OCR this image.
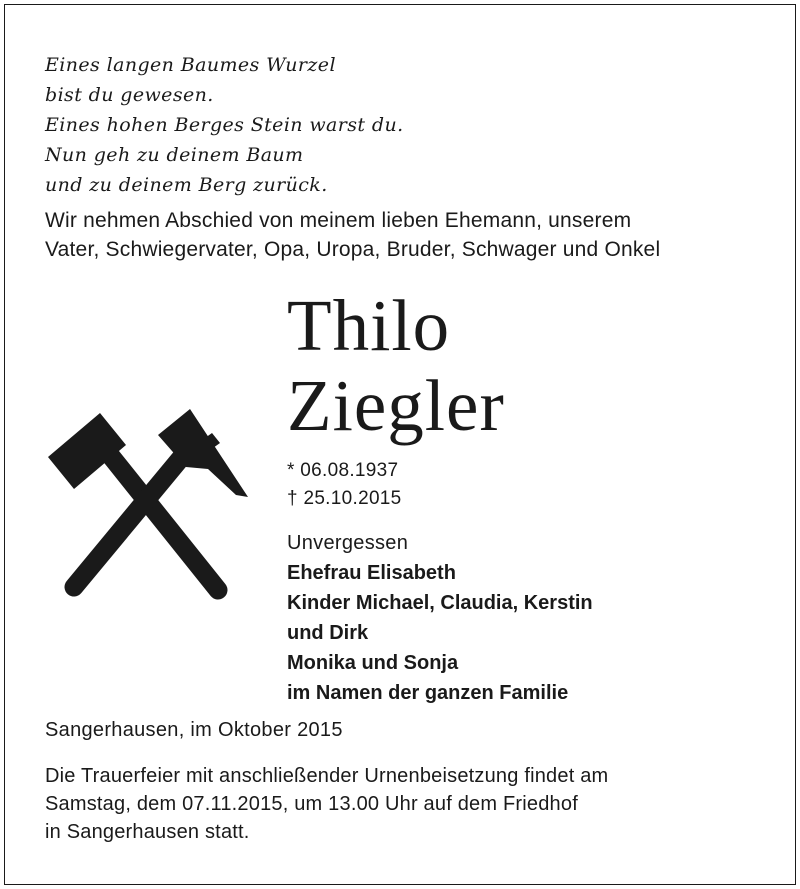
Eines langen Baumes Wurzel
bist du gewesen.
Eines hohen Berges Stein warst du.
Nun geh zu deinem Baum
und zu deinem Berg zurück.
Wir nehmen Abschied von meinem lieben Ehemann, unserem
Vater, Schwiegervater, Opa, Uropa, Bruder, Schwager und Onkel
Thilo
Ziegler
* 06.08.1937
† 25.10.2015
Unvergessen
Ehefrau Elisabeth
Kinder Michael, Claudia, Kerstin
und Dirk
Monika und Sonja
im Namen der ganzen Familie
Sangerhausen, im Oktober 2015
Die Trauerfeier mit anschließender Urnenbeisetzung findet am
Samstag, dem 07.11.2015, um 13.00 Uhr auf dem Friedhof
in Sangerhausen statt.
